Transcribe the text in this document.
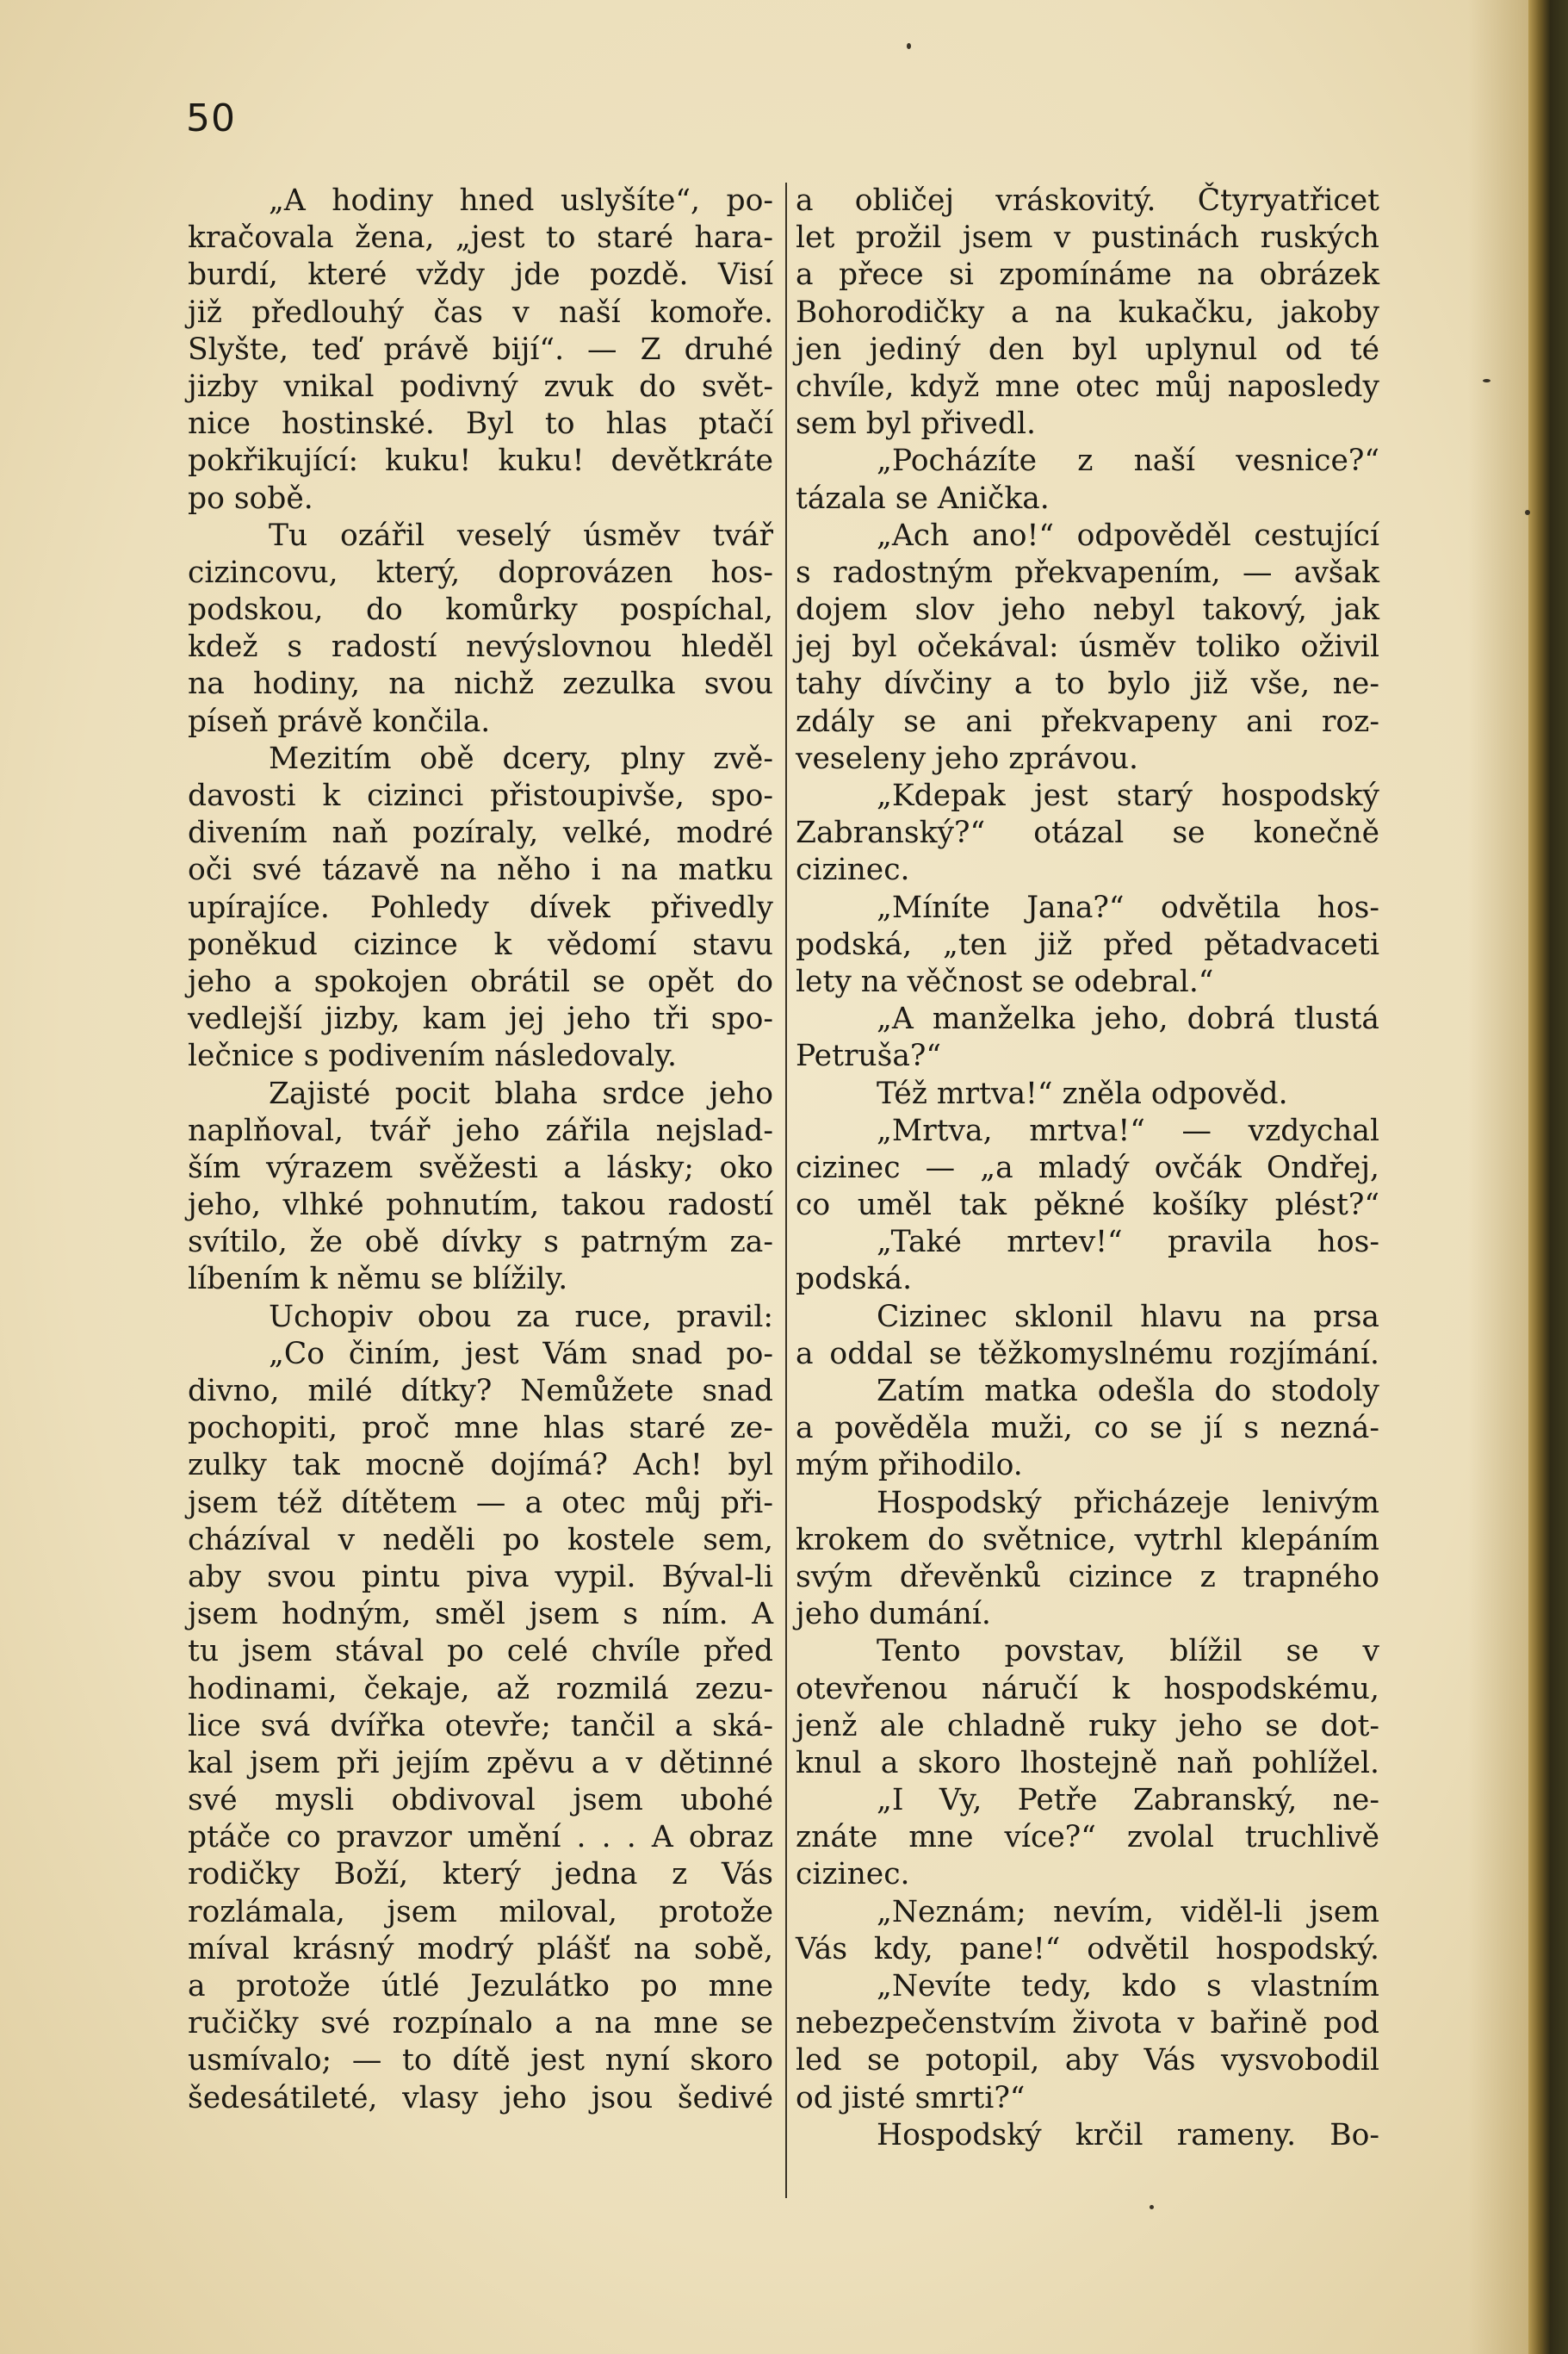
50
„A hodiny hned uslyšíte“, po-
kračovala žena, „jest to staré hara-
burdí, které vždy jde pozdě. Visí
již předlouhý čas v naší komoře.
Slyšte, teď právě bijí“. — Z druhé
jizby vnikal podivný zvuk do svět-
nice hostinské. Byl to hlas ptačí
pokřikující: kuku! kuku! devětkráte
po sobě.
Tu ozářil veselý úsměv tvář
cizincovu, který, doprovázen hos-
podskou, do komůrky pospíchal,
kdež s radostí nevýslovnou hleděl
na hodiny, na nichž zezulka svou
píseň právě končila.
Mezitím obě dcery, plny zvě-
davosti k cizinci přistoupivše, spo-
divením naň pozíraly, velké, modré
oči své tázavě na něho i na matku
upírajíce. Pohledy dívek přivedly
poněkud cizince k vědomí stavu
jeho a spokojen obrátil se opět do
vedlejší jizby, kam jej jeho tři spo-
lečnice s podivením následovaly.
Zajisté pocit blaha srdce jeho
naplňoval, tvář jeho zářila nejslad-
ším výrazem svěžesti a lásky; oko
jeho, vlhké pohnutím, takou radostí
svítilo, že obě dívky s patrným za-
líbením k němu se blížily.
Uchopiv obou za ruce, pravil:
„Co činím, jest Vám snad po-
divno, milé dítky? Nemůžete snad
pochopiti, proč mne hlas staré ze-
zulky tak mocně dojímá? Ach! byl
jsem též dítětem — a otec můj při-
cházíval v neděli po kostele sem,
aby svou pintu piva vypil. Býval-li
jsem hodným, směl jsem s ním. A
tu jsem stával po celé chvíle před
hodinami, čekaje, až rozmilá zezu-
lice svá dvířka otevře; tančil a ská-
kal jsem při jejím zpěvu a v dětinné
své mysli obdivoval jsem ubohé
ptáče co pravzor umění . . . A obraz
rodičky Boží, který jedna z Vás
rozlámala, jsem miloval, protože
míval krásný modrý plášť na sobě,
a protože útlé Jezulátko po mne
ručičky své rozpínalo a na mne se
usmívalo; — to dítě jest nyní skoro
šedesátileté, vlasy jeho jsou šedivé
a obličej vráskovitý. Čtyryatřicet
let prožil jsem v pustinách ruských
a přece si zpomínáme na obrázek
Bohorodičky a na kukačku, jakoby
jen jediný den byl uplynul od té
chvíle, když mne otec můj naposledy
sem byl přivedl.
„Pocházíte z naší vesnice?“
tázala se Anička.
„Ach ano!“ odpověděl cestující
s radostným překvapením, — avšak
dojem slov jeho nebyl takový, jak
jej byl očekával: úsměv toliko oživil
tahy dívčiny a to bylo již vše, ne-
zdály se ani překvapeny ani roz-
veseleny jeho zprávou.
„Kdepak jest starý hospodský
Zabranský?“ otázal se konečně
cizinec.
„Míníte Jana?“ odvětila hos-
podská, „ten již před pětadvaceti
lety na věčnost se odebral.“
„A manželka jeho, dobrá tlustá
Petruša?“
Též mrtva!“ zněla odpověd.
„Mrtva, mrtva!“ — vzdychal
cizinec — „a mladý ovčák Ondřej,
co uměl tak pěkné košíky plést?“
„Také mrtev!“ pravila hos-
podská.
Cizinec sklonil hlavu na prsa
a oddal se těžkomyslnému rozjímání.
Zatím matka odešla do stodoly
a pověděla muži, co se jí s nezná-
mým přihodilo.
Hospodský přicházeje lenivým
krokem do světnice, vytrhl klepáním
svým dřevěnků cizince z trapného
jeho dumání.
Tento povstav, blížil se v
otevřenou náručí k hospodskému,
jenž ale chladně ruky jeho se dot-
knul a skoro lhostejně naň pohlížel.
„I Vy, Petře Zabranský, ne-
znáte mne více?“ zvolal truchlivě
cizinec.
„Neznám; nevím, viděl-li jsem
Vás kdy, pane!“ odvětil hospodský.
„Nevíte tedy, kdo s vlastním
nebezpečenstvím života v bařině pod
led se potopil, aby Vás vysvobodil
od jisté smrti?“
Hospodský krčil rameny. Bo-
